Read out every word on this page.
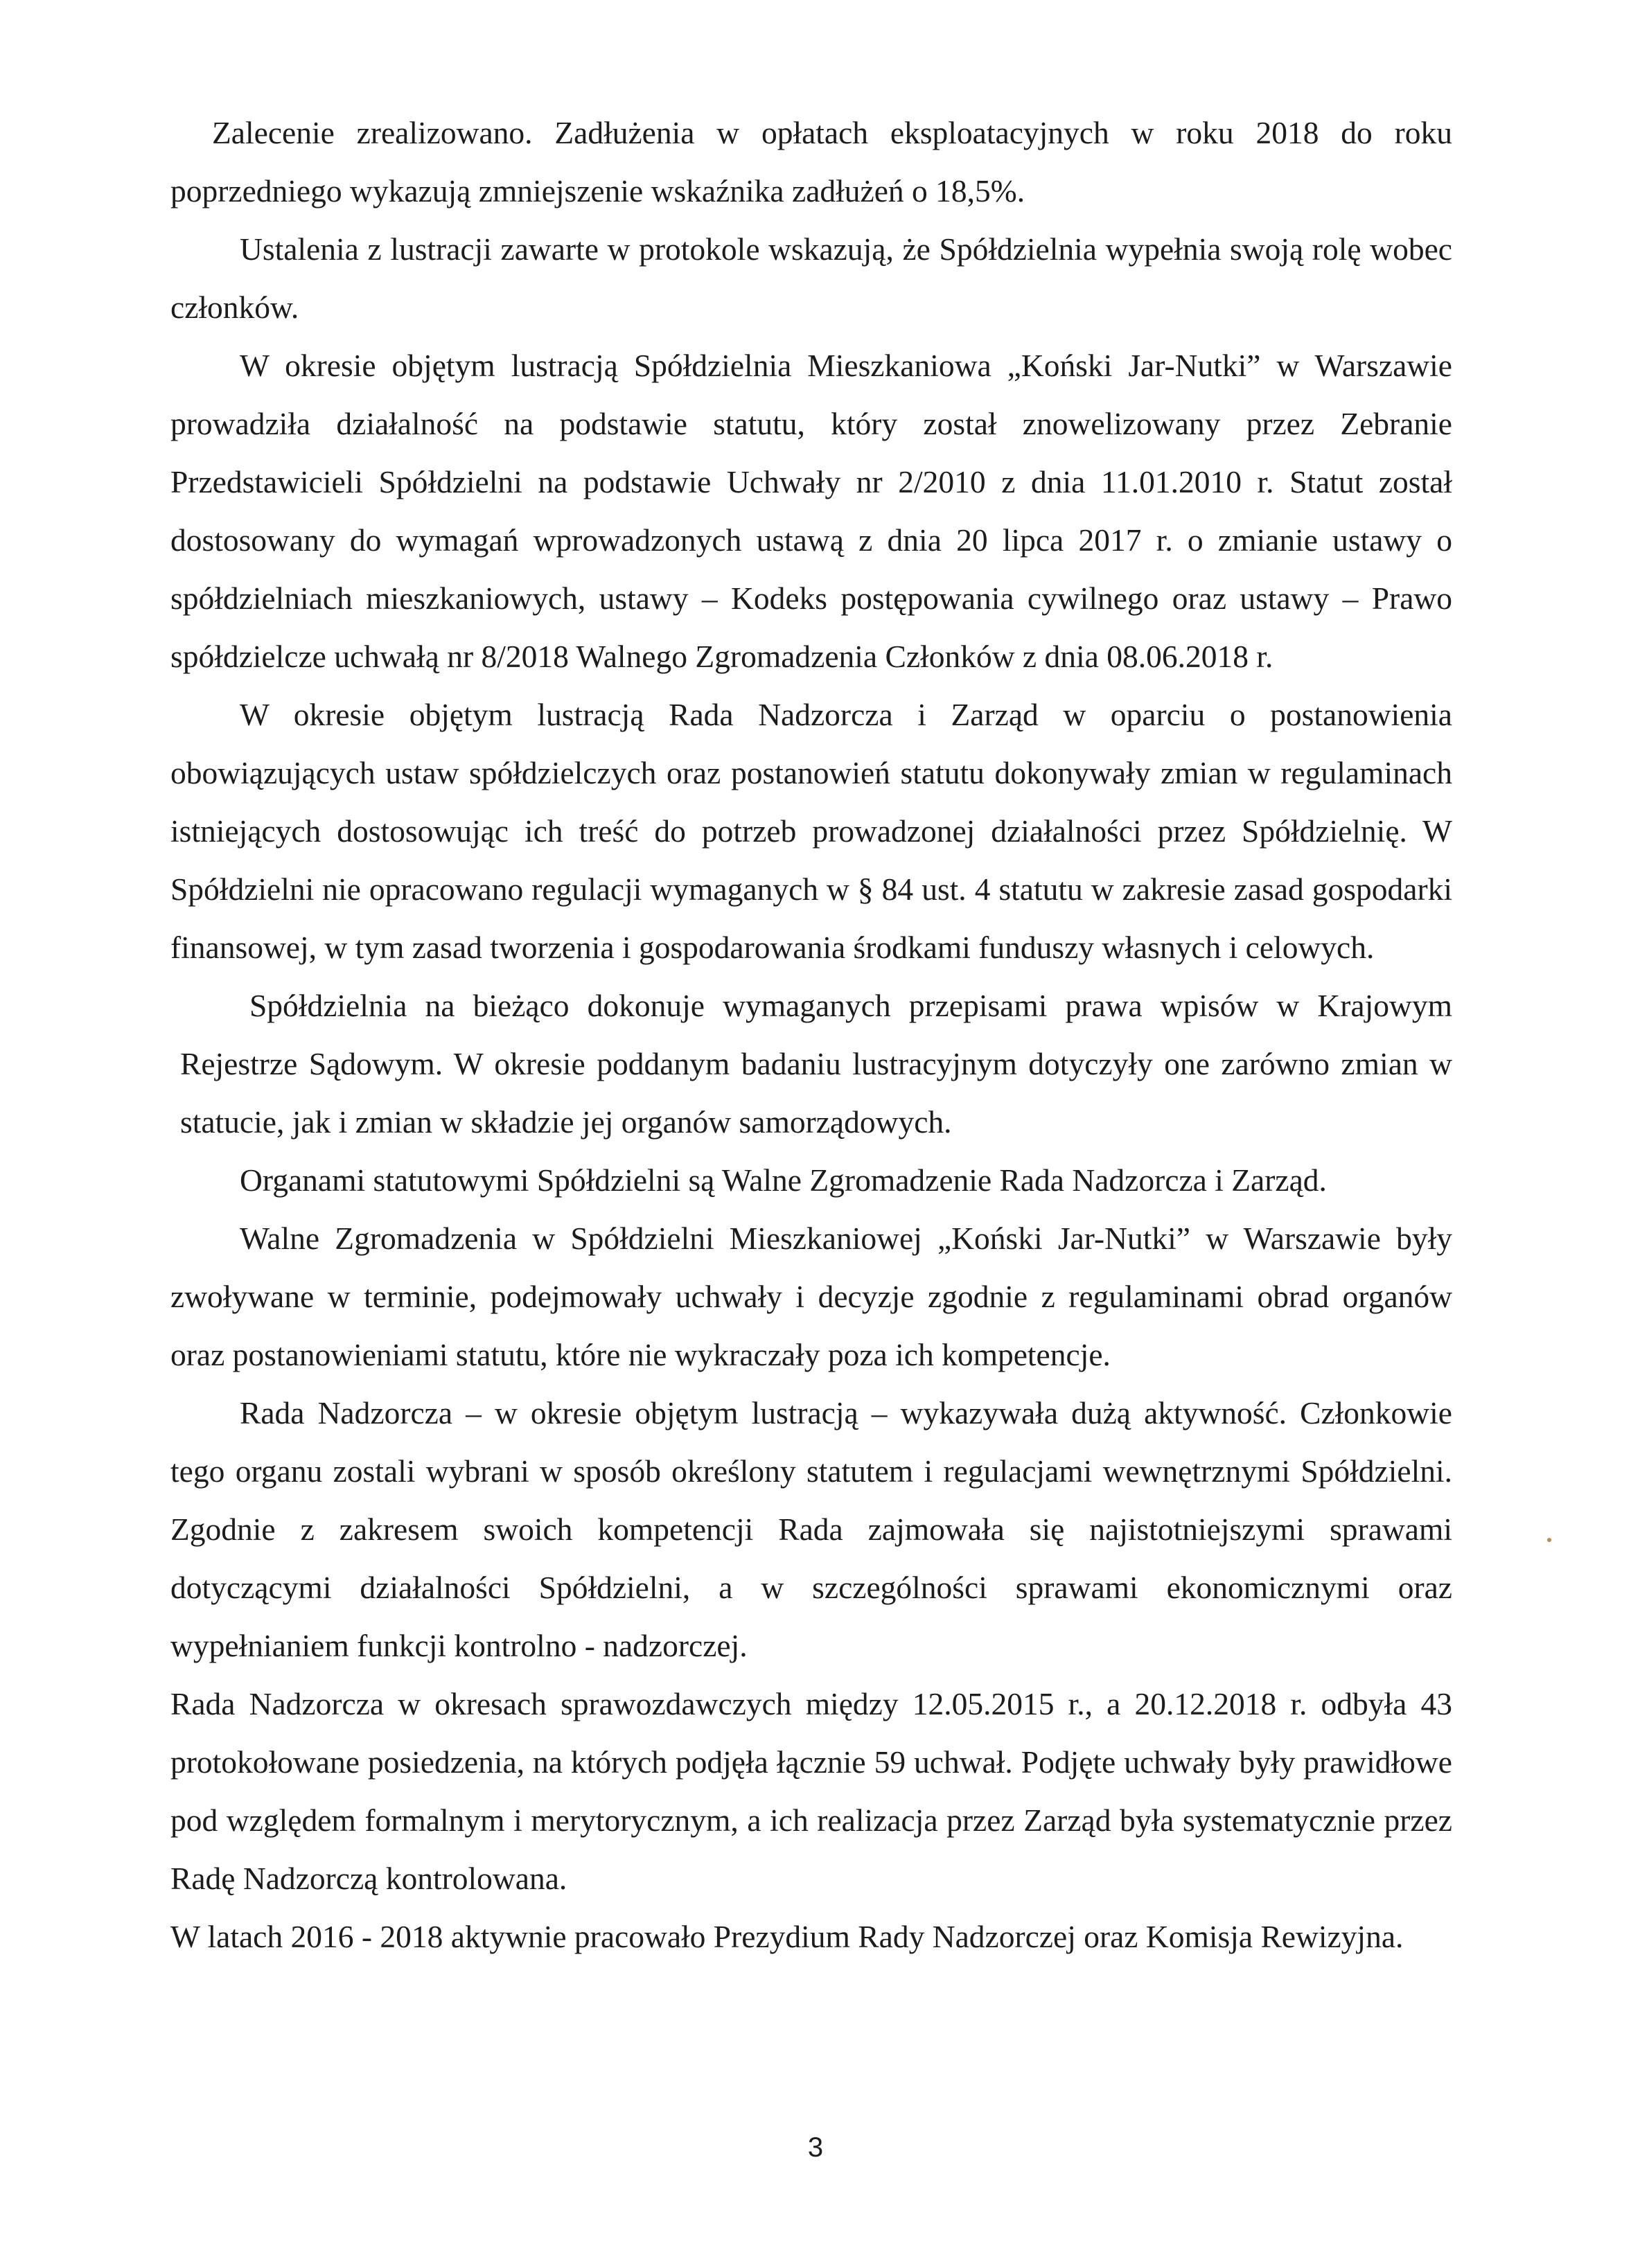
Zalecenie zrealizowano. Zadłużenia w opłatach eksploatacyjnych w roku 2018 do roku poprzedniego wykazują zmniejszenie wskaźnika zadłużeń o 18,5%.

Ustalenia z lustracji zawarte w protokole wskazują, że Spółdzielnia wypełnia swoją rolę wobec członków.

W okresie objętym lustracją Spółdzielnia Mieszkaniowa „Koński Jar-Nutki” w Warszawie prowadziła działalność na podstawie statutu, który został znowelizowany przez Zebranie Przedstawicieli Spółdzielni na podstawie Uchwały nr 2/2010 z dnia 11.01.2010 r. Statut został dostosowany do wymagań wprowadzonych ustawą z dnia 20 lipca 2017 r. o zmianie ustawy o spółdzielniach mieszkaniowych, ustawy – Kodeks postępowania cywilnego oraz ustawy – Prawo spółdzielcze uchwałą nr 8/2018 Walnego Zgromadzenia Członków z dnia 08.06.2018 r.

W okresie objętym lustracją Rada Nadzorcza i Zarząd w oparciu o postanowienia obowiązujących ustaw spółdzielczych oraz postanowień statutu dokonywały zmian w regulaminach istniejących dostosowując ich treść do potrzeb prowadzonej działalności przez Spółdzielnię. W Spółdzielni nie opracowano regulacji wymaganych w § 84 ust. 4 statutu w zakresie zasad gospodarki finansowej, w tym zasad tworzenia i gospodarowania środkami funduszy własnych i celowych.

Spółdzielnia na bieżąco dokonuje wymaganych przepisami prawa wpisów w Krajowym Rejestrze Sądowym. W okresie poddanym badaniu lustracyjnym dotyczyły one zarówno zmian w statucie, jak i zmian w składzie jej organów samorządowych.

Organami statutowymi Spółdzielni są Walne Zgromadzenie Rada Nadzorcza i Zarząd.

Walne Zgromadzenia w Spółdzielni Mieszkaniowej „Koński Jar-Nutki” w Warszawie były zwoływane w terminie, podejmowały uchwały i decyzje zgodnie z regulaminami obrad organów oraz postanowieniami statutu, które nie wykraczały poza ich kompetencje.

Rada Nadzorcza – w okresie objętym lustracją – wykazywała dużą aktywność. Członkowie tego organu zostali wybrani w sposób określony statutem i regulacjami wewnętrznymi Spółdzielni. Zgodnie z zakresem swoich kompetencji Rada zajmowała się najistotniejszymi sprawami dotyczącymi działalności Spółdzielni, a w szczególności sprawami ekonomicznymi oraz wypełnianiem funkcji kontrolno - nadzorczej.

Rada Nadzorcza w okresach sprawozdawczych między 12.05.2015 r., a 20.12.2018 r. odbyła 43 protokołowane posiedzenia, na których podjęła łącznie 59 uchwał. Podjęte uchwały były prawidłowe pod względem formalnym i merytorycznym, a ich realizacja przez Zarząd była systematycznie przez Radę Nadzorczą kontrolowana.

W latach 2016 - 2018 aktywnie pracowało Prezydium Rady Nadzorczej oraz Komisja Rewizyjna.

3
